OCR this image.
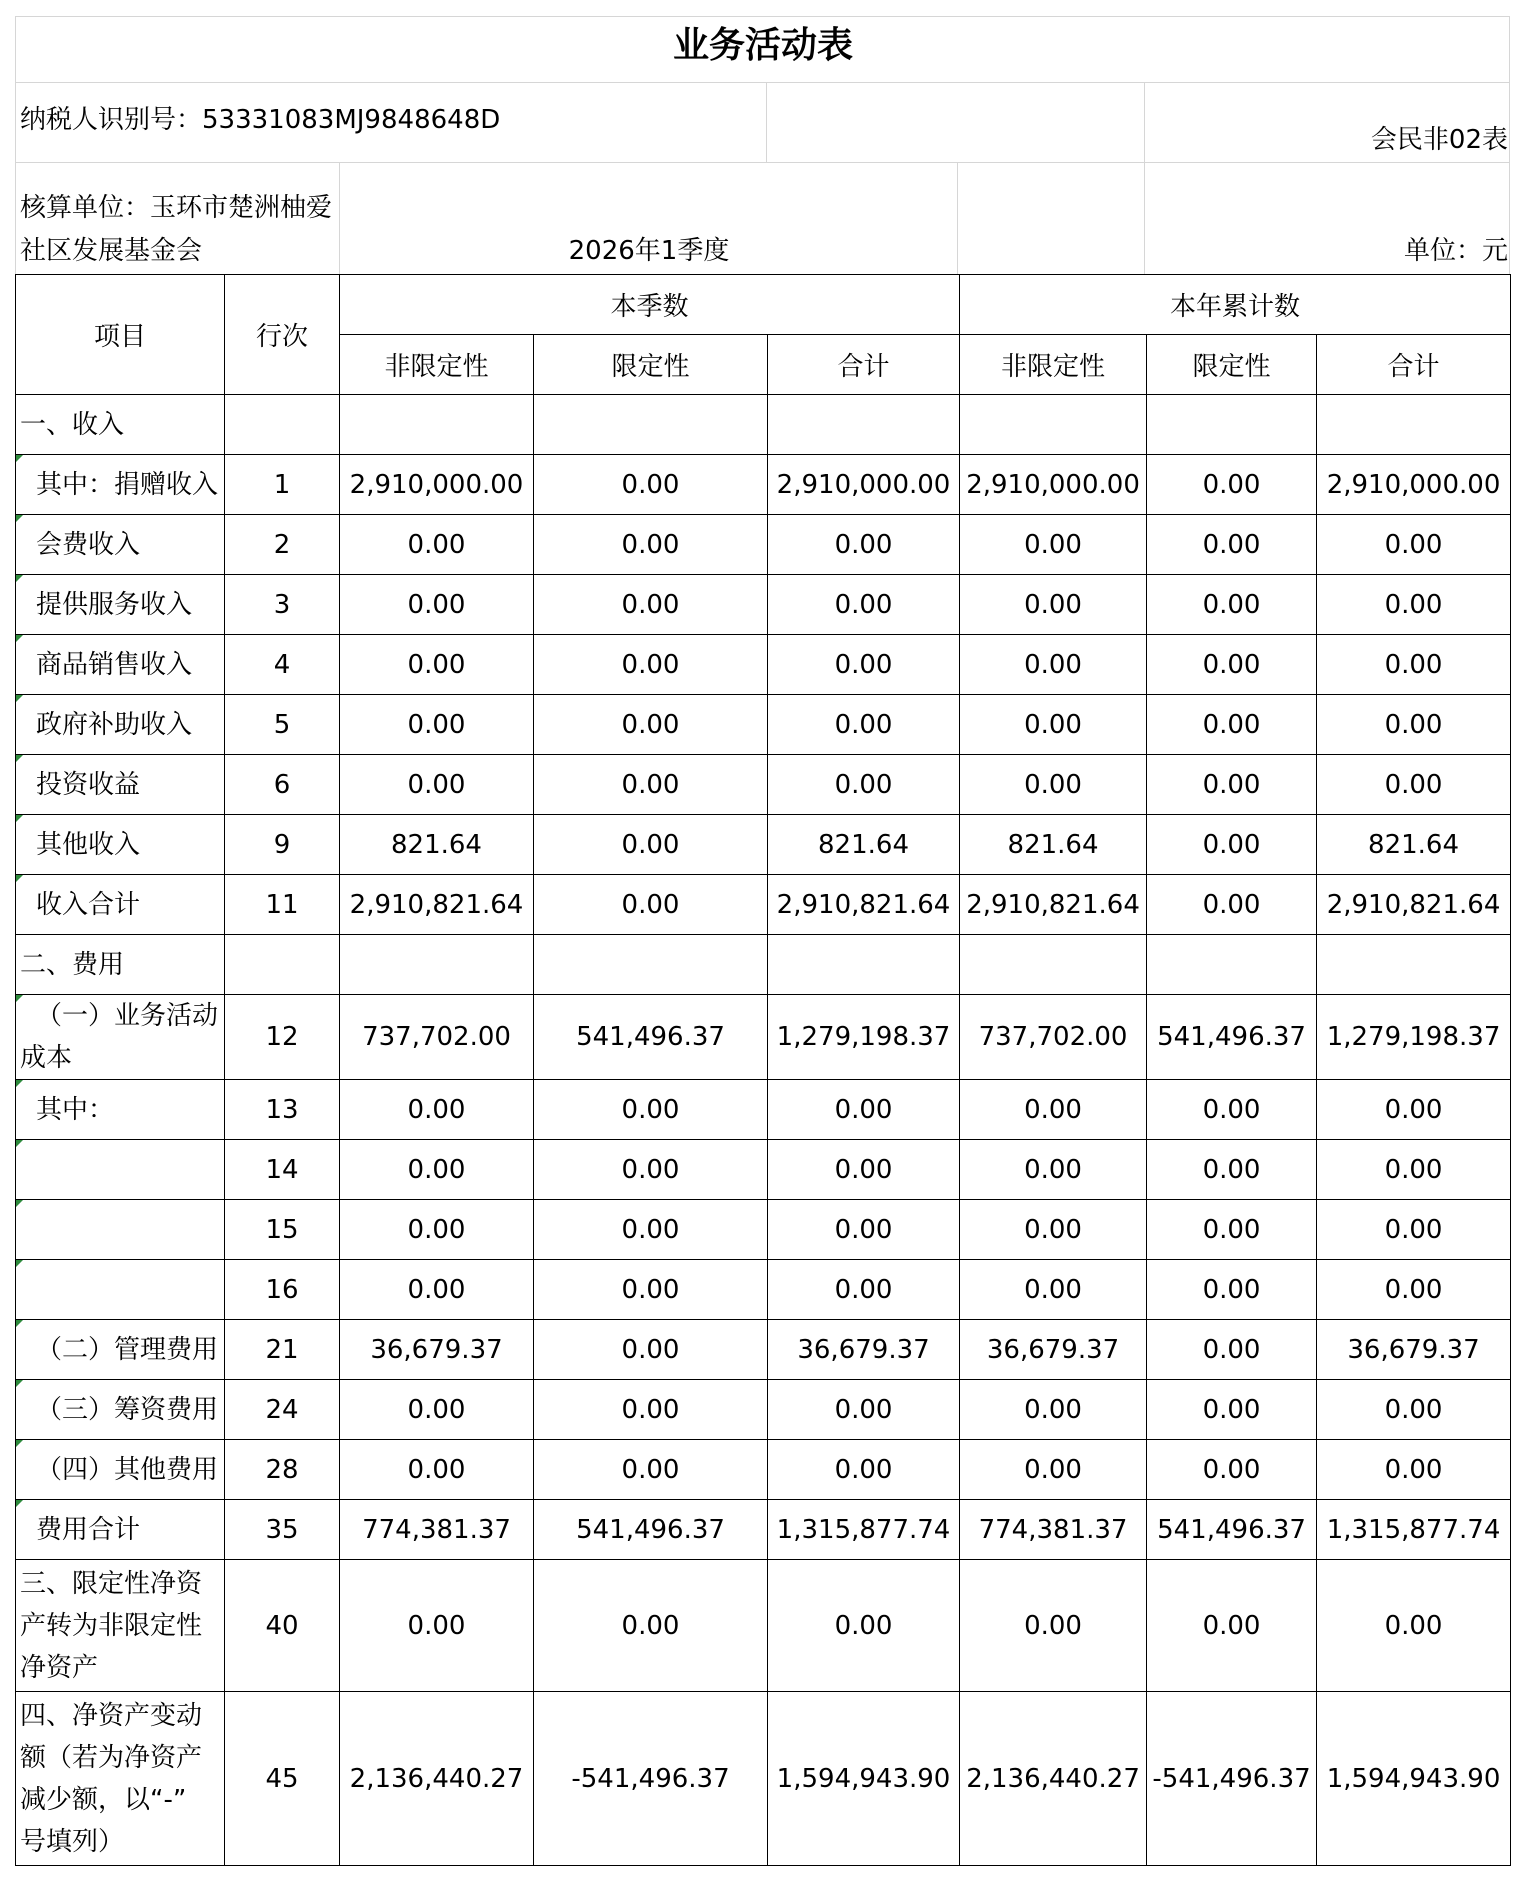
业务活动表
纳税人识别号：53331083MJ9848648D
会民非02表
核算单位：玉环市楚洲柚爱
社区发展基金会	2026年1季度	单位：元
项目	行次	本季数			本年累计数		
		非限定性	限定性	合计	非限定性	限定性	合计

一、收入							

其中：捐赠收入	1	2,910,000.00	0.00	2,910,000.00	2,910,000.00	0.00	2,910,000.00

会费收入	2	0.00	0.00	0.00	0.00	0.00	0.00

提供服务收入	3	0.00	0.00	0.00	0.00	0.00	0.00

商品销售收入	4	0.00	0.00	0.00	0.00	0.00	0.00

政府补助收入	5	0.00	0.00	0.00	0.00	0.00	0.00

投资收益	6	0.00	0.00	0.00	0.00	0.00	0.00

其他收入	9	821.64	0.00	821.64	821.64	0.00	821.64

收入合计	11	2,910,821.64	0.00	2,910,821.64	2,910,821.64	0.00	2,910,821.64

二、费用							

（一）业务活动
成本	12	737,702.00	541,496.37	1,279,198.37	737,702.00	541,496.37	1,279,198.37

其中：	13	0.00	0.00	0.00	0.00	0.00	0.00

	14	0.00	0.00	0.00	0.00	0.00	0.00

	15	0.00	0.00	0.00	0.00	0.00	0.00

	16	0.00	0.00	0.00	0.00	0.00	0.00

（二）管理费用	21	36,679.37	0.00	36,679.37	36,679.37	0.00	36,679.37

（三）筹资费用	24	0.00	0.00	0.00	0.00	0.00	0.00

（四）其他费用	28	0.00	0.00	0.00	0.00	0.00	0.00

费用合计	35	774,381.37	541,496.37	1,315,877.74	774,381.37	541,496.37	1,315,877.74

三、限定性净资
产转为非限定性
净资产	40	0.00	0.00	0.00	0.00	0.00	0.00

四、净资产变动
额（若为净资产
减少额，以“-”
号填列）	45	2,136,440.27	-541,496.37	1,594,943.90	2,136,440.27	-541,496.37	1,594,943.90
